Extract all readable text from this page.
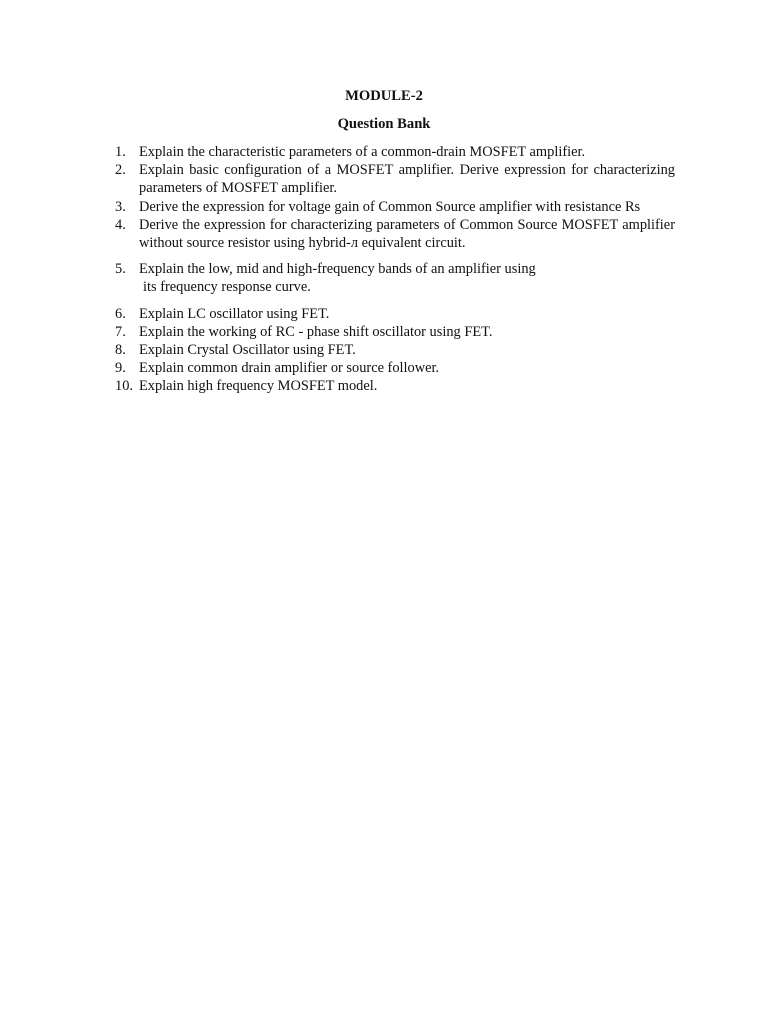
MODULE-2
Question Bank
1. Explain the characteristic parameters of a common-drain MOSFET amplifier.
2. Explain basic configuration of a MOSFET amplifier. Derive expression for characterizing parameters of MOSFET amplifier.
3. Derive the expression for voltage gain of Common Source amplifier with resistance Rs
4. Derive the expression for characterizing parameters of Common Source MOSFET amplifier without source resistor using hybrid-л equivalent circuit.
5. Explain the low, mid and high-frequency bands of an amplifier using
its frequency response curve.
6. Explain LC oscillator using FET.
7. Explain the working of RC - phase shift oscillator using FET.
8. Explain Crystal Oscillator using FET.
9. Explain common drain amplifier or source follower.
10. Explain high frequency MOSFET model.
